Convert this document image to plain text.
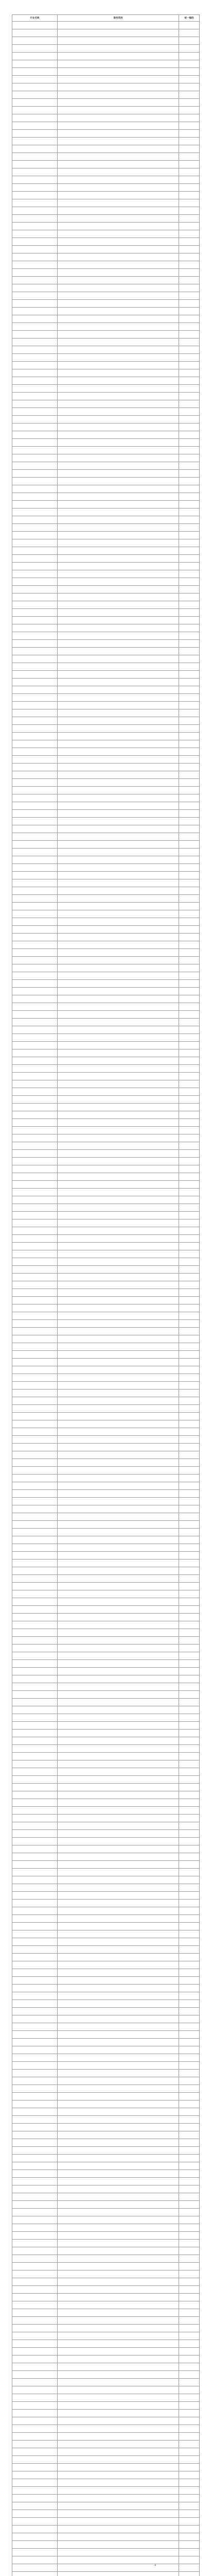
行业名称	服务类别	统一编码

4
